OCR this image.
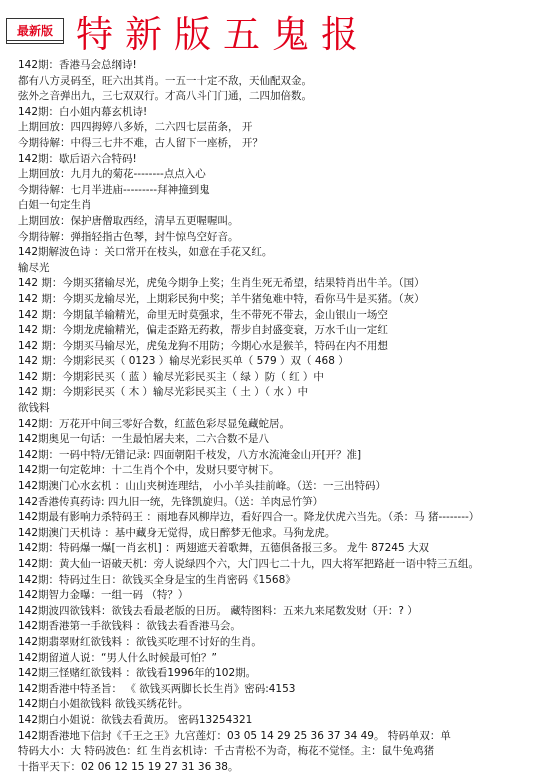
最新版 特新版五鬼报
142期：香港马会总纲诗!
都有八方灵码至，旺六出其肖。一五一十定不敌，天仙配双金。
弦外之音弹出九，三七双双行。才高八斗门门通，二四加倍数。
142期：白小姐内幕玄机诗!
上期回放：四四拇婷八多娇，二六四七层苗条， 开
今期待解：中得三七井不难，古人留下一座桥， 开？
142期：歇后语六合特码!
上期回放：九月九的菊花--------点点入心
今期待解：七月半进庙---------拜神撞到鬼
白姐一句定生肖
上期回放：保护唐僧取西经，清早五更喔喔叫。
今期待解：弹指轻指古色琴，封牛惊鸟空好音。
142期解波色诗 ：关口常开在枝头，如意在手花又红。
输尽光
142 期：今期买猪输尽光，虎兔今期争上奖；生肖生死无希望，结果特肖出牛羊。（国）
142 期：今期买龙输尽光，上期彩民狗中奖；羊牛猪兔难中特，看你马牛是买猪。（灰）
142 期：今期鼠羊输精光，命里无时莫强求，生不带死不带去，金山银山一场空
142 期：今期龙虎输精光，偏走歪路无药救，帮步自封盛变衰，万水千山一定红
142 期：今期买马输尽光，虎兔龙狗不用防；今期心水是猴羊，特码在内不用想
142 期：今期彩民买（ 0123 ）输尽光彩民买单（ 579 ）双（ 468 ）
142 期：今期彩民买（ 蓝 ）输尽光彩民买主（ 绿 ）防（ 红 ）中
142 期：今期彩民买（ 木 ）输尽光彩民买主（ 土 ）（ 水 ）中
欲钱料
142期：万花开中间三零好合数，红蓝色彩尽显兔藏蛇居。
142期奥见一句话：一生最怕屠夫来，二六合数不是八
142期：一码中特/无错记录: 四面朝阳千枝发，八方水流淹金山开[开？准]
142期一句定乾坤：十二生肖个个中，发财只要守树下。
142期澳门心水玄机 ：山山夹树连理结， 小小羊头挂前峰。（送：一三出特码）
142香港传真药诗: 四九旧一统，先锋凯旋归。（送：羊肉忌竹笋）
142期最有影响力杀特码王 ：雨地春风柳岸边，看好四合一。降龙伏虎六当先。（杀：马 猪--------）
142期澳门天机诗 ：基中藏身无觉得，成日醉梦无他求。马狗龙虎。
142期：特码爆一爆[一肖玄机] ：两翅遮天着歌舞，五德俱备报三多。 龙牛 87245 大双
142期：黄大仙一语破天机：旁人说绿四个六，大门四七二十九，四大将军把路赶一语中特三五组。
142期：特码过生日：欲钱买全身是宝的生肖密码《1568》
142期智力金曝：一组一码 （特？）
142期波四欲钱料：欲钱去看最老版的日历。 藏特图料：五来九来尾数发财（开：? ）
142期香港第一手欲钱料 ：欲钱去看香港马会。
142期翡翠财红欲钱料 ：欲钱买吃理不讨好的生肖。
142期留道人说：“男人什么时候最可怕？”
142期三怪赌红欲钱料 ：欲钱看1996年的102期。
142期香港中特圣旨： 《 欲钱买两脚长长生肖》密码:4153
142期白小姐欲钱料 欲钱买绣花针。
142期白小姐说：欲钱去看黄历。 密码13254321
142期香港地下信封《千王之王》九宫莲灯：03 05 14 29 25 36 37 34 49。 特码单双：单
特码大小：大 特码波色：红 生肖玄机诗：千古青松不为奇，梅花不觉怪。主：鼠牛兔鸡猪
十指平天下：02 06 12 15 19 27 31 36 38。
